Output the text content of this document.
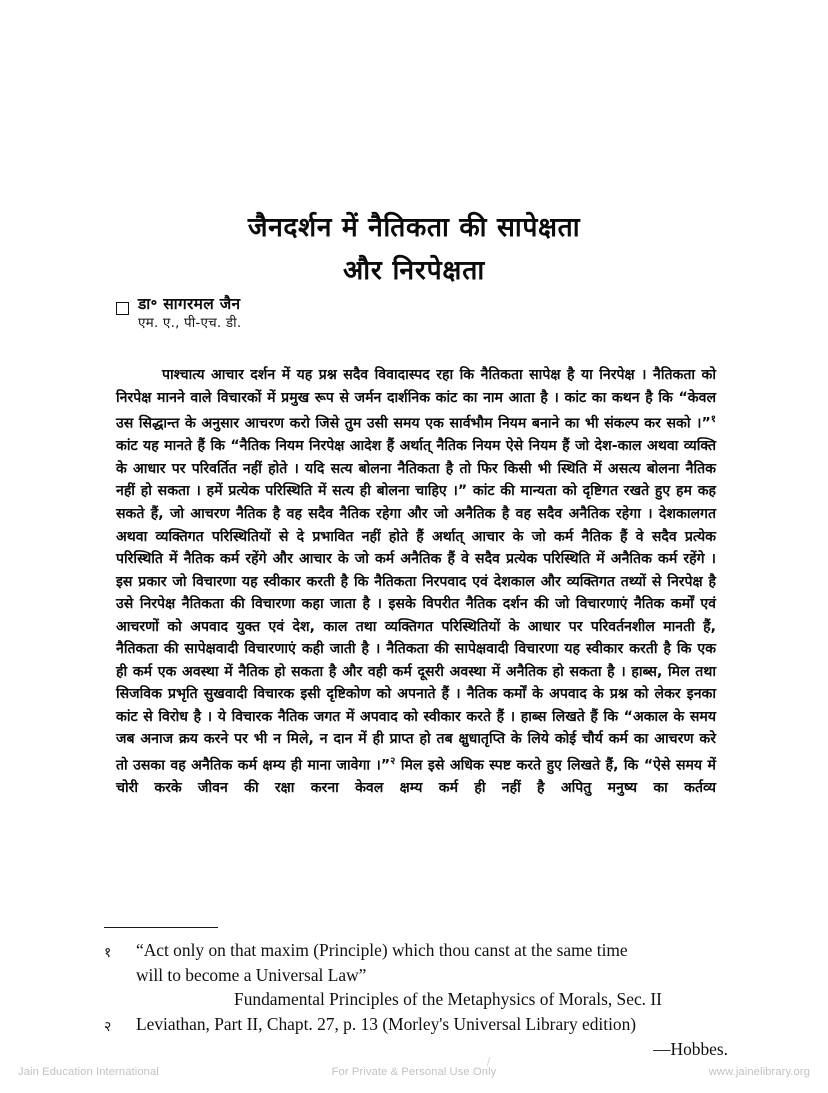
जैनदर्शन में नैतिकता की सापेक्षता
और निरपेक्षता
डा॰ सागरमल जैन
एम. ए., पी-एच. डी.

पाश्चात्य आचार दर्शन में यह प्रश्न सदैव विवादास्पद रहा कि नैतिकता सापेक्ष है या निरपेक्ष । नैतिकता को निरपेक्ष मानने वाले विचारकों में प्रमुख रूप से जर्मन दार्शनिक कांट का नाम आता है । कांट का कथन है कि “केवल उस सिद्धान्त के अनुसार आचरण करो जिसे तुम उसी समय एक सार्वभौम नियम बनाने का भी संकल्प कर सको ।”$^१$ कांट यह मानते हैं कि “नैतिक नियम निरपेक्ष आदेश हैं अर्थात् नैतिक नियम ऐसे नियम हैं जो देश-काल अथवा व्यक्ति के आधार पर परिवर्तित नहीं होते । यदि सत्य बोलना नैतिकता है तो फिर किसी भी स्थिति में असत्य बोलना नैतिक नहीं हो सकता । हमें प्रत्येक परिस्थिति में सत्य ही बोलना चाहिए ।” कांट की मान्यता को दृष्टिगत रखते हुए हम कह सकते हैं, जो आचरण नैतिक है वह सदैव नैतिक रहेगा और जो अनैतिक है वह सदैव अनैतिक रहेगा । देशकालगत अथवा व्यक्तिगत परिस्थितियों से दे प्रभावित नहीं होते हैं अर्थात् आचार के जो कर्म नैतिक हैं वे सदैव प्रत्येक परिस्थिति में नैतिक कर्म रहेंगे और आचार के जो कर्म अनैतिक हैं वे सदैव प्रत्येक परिस्थिति में अनैतिक कर्म रहेंगे । इस प्रकार जो विचारणा यह स्वीकार करती है कि नैतिकता निरपवाद एवं देशकाल और व्यक्तिगत तथ्यों से निरपेक्ष है उसे निरपेक्ष नैतिकता की विचारणा कहा जाता है । इसके विपरीत नैतिक दर्शन की जो विचारणाएं नैतिक कर्मों एवं आचरणों को अपवाद युक्त एवं देश, काल तथा व्यक्तिगत परिस्थितियों के आधार पर परिवर्तनशील मानती हैं, नैतिकता की सापेक्षवादी विचारणाएं कही जाती है । नैतिकता की सापेक्षवादी विचारणा यह स्वीकार करती है कि एक ही कर्म एक अवस्था में नैतिक हो सकता है और वही कर्म दूसरी अवस्था में अनैतिक हो सकता है । हाब्स, मिल तथा सिजविक प्रभृति सुखवादी विचारक इसी दृष्टिकोण को अपनाते हैं । नैतिक कर्मों के अपवाद के प्रश्न को लेकर इनका कांट से विरोध है । ये विचारक नैतिक जगत में अपवाद को स्वीकार करते हैं । हाब्स लिखते हैं कि “अकाल के समय जब अनाज क्रय करने पर भी न मिले, न दान में ही प्राप्त हो तब क्षुधातृप्ति के लिये कोई चौर्य कर्म का आचरण करे तो उसका वह अनैतिक कर्म क्षम्य ही माना जावेगा ।”$^२$ मिल इसे अधिक स्पष्ट करते हुए लिखते हैं, कि “ऐसे समय में चोरी करके जीवन की रक्षा करना केवल क्षम्य कर्म ही नहीं है अपितु मनुष्य का कर्तव्य

१	“Act only on that maxim (Principle) which thou canst at the same time
will to become a Universal Law”
Fundamental Principles of the Metaphysics of Morals, Sec. II
२	Leviathan, Part II, Chapt. 27, p. 13 (Morley's Universal Library edition)
—Hobbes.
Jain Education International	For Private & Personal Use Only	www.jainelibrary.org
